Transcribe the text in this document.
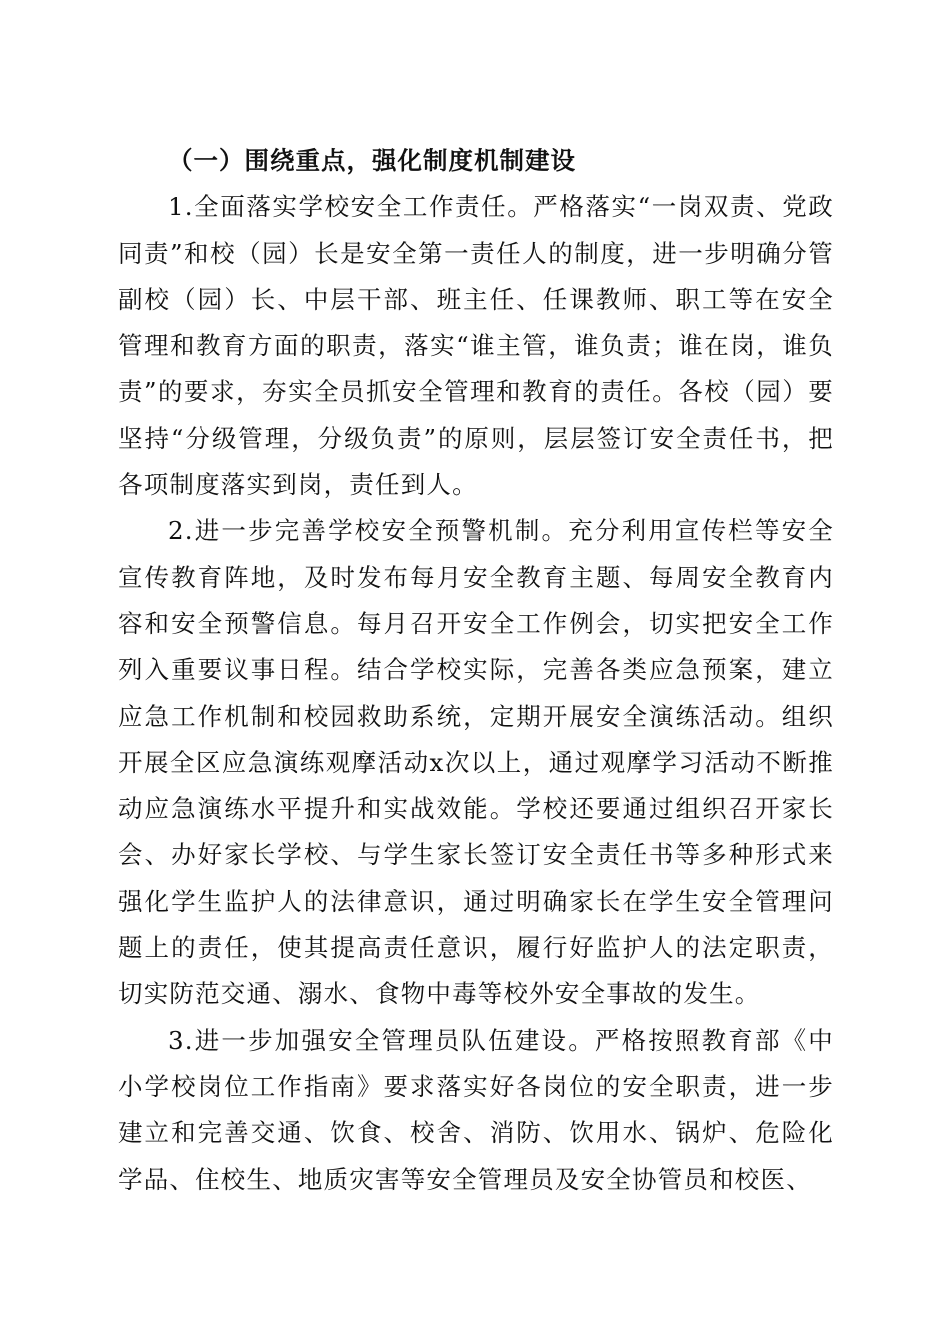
（一）围绕重点，强化制度机制建设

1.全面落实学校安全工作责任。严格落实“一岗双责、党政同责”和校（园）长是安全第一责任人的制度，进一步明确分管副校（园）长、中层干部、班主任、任课教师、职工等在安全管理和教育方面的职责，落实“谁主管，谁负责；谁在岗，谁负责”的要求，夯实全员抓安全管理和教育的责任。各校（园）要坚持“分级管理，分级负责”的原则，层层签订安全责任书，把各项制度落实到岗，责任到人。

2.进一步完善学校安全预警机制。充分利用宣传栏等安全宣传教育阵地，及时发布每月安全教育主题、每周安全教育内容和安全预警信息。每月召开安全工作例会，切实把安全工作列入重要议事日程。结合学校实际，完善各类应急预案，建立应急工作机制和校园救助系统，定期开展安全演练活动。组织开展全区应急演练观摩活动x次以上，通过观摩学习活动不断推动应急演练水平提升和实战效能。学校还要通过组织召开家长会、办好家长学校、与学生家长签订安全责任书等多种形式来强化学生监护人的法律意识，通过明确家长在学生安全管理问题上的责任，使其提高责任意识，履行好监护人的法定职责，切实防范交通、溺水、食物中毒等校外安全事故的发生。

3.进一步加强安全管理员队伍建设。严格按照教育部《中小学校岗位工作指南》要求落实好各岗位的安全职责，进一步建立和完善交通、饮食、校舍、消防、饮用水、锅炉、危险化学品、住校生、地质灾害等安全管理员及安全协管员和校医、
